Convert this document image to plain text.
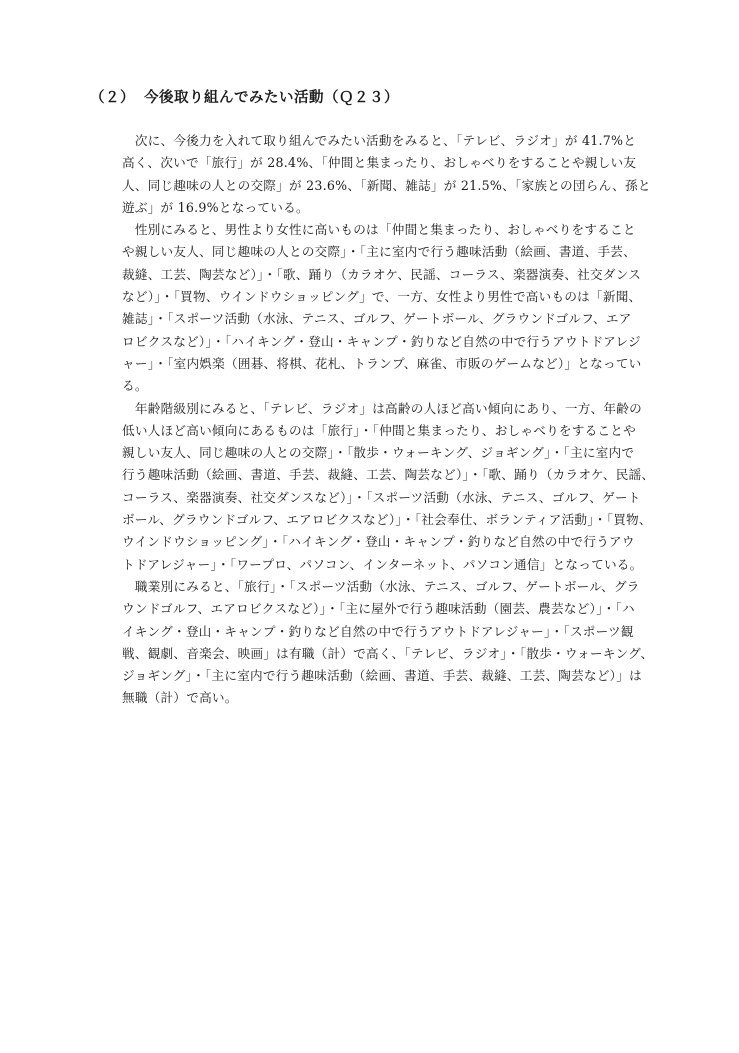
（２） 今後取り組んでみたい活動（Ｑ２３）
　次に、今後力を入れて取り組んでみたい活動をみると、「テレビ、ラジオ」が 41.7%と
高く、次いで「旅行」が 28.4%、「仲間と集まったり、おしゃべりをすることや親しい友
人、同じ趣味の人との交際」が 23.6%、「新聞、雑誌」が 21.5%、「家族との団らん、孫と
遊ぶ」が 16.9%となっている。
　性別にみると、男性より女性に高いものは「仲間と集まったり、おしゃべりをすること
や親しい友人、同じ趣味の人との交際」・「主に室内で行う趣味活動（絵画、書道、手芸、
裁縫、工芸、陶芸など）」・「歌、踊り（カラオケ、民謡、コーラス、楽器演奏、社交ダンス
など）」・「買物、ウインドウショッピング」で、一方、女性より男性で高いものは「新聞、
雑誌」・「スポーツ活動（水泳、テニス、ゴルフ、ゲートボール、グラウンドゴルフ、エア
ロビクスなど）」・「ハイキング・登山・キャンプ・釣りなど自然の中で行うアウトドアレジ
ャー」・「室内娯楽（囲碁、将棋、花札、トランプ、麻雀、市販のゲームなど）」となってい
る。
　年齢階級別にみると、「テレビ、ラジオ」は高齢の人ほど高い傾向にあり、一方、年齢の
低い人ほど高い傾向にあるものは「旅行」・「仲間と集まったり、おしゃべりをすることや
親しい友人、同じ趣味の人との交際」・「散歩・ウォーキング、ジョギング」・「主に室内で
行う趣味活動（絵画、書道、手芸、裁縫、工芸、陶芸など）」・「歌、踊り（カラオケ、民謡、
コーラス、楽器演奏、社交ダンスなど）」・「スポーツ活動（水泳、テニス、ゴルフ、ゲート
ボール、グラウンドゴルフ、エアロビクスなど）」・「社会奉仕、ボランティア活動」・「買物、
ウインドウショッピング」・「ハイキング・登山・キャンプ・釣りなど自然の中で行うアウ
トドアレジャー」・「ワープロ、パソコン、インターネット、パソコン通信」となっている。
　職業別にみると、「旅行」・「スポーツ活動（水泳、テニス、ゴルフ、ゲートボール、グラ
ウンドゴルフ、エアロビクスなど）」・「主に屋外で行う趣味活動（園芸、農芸など）」・「ハ
イキング・登山・キャンプ・釣りなど自然の中で行うアウトドアレジャー」・「スポーツ観
戦、観劇、音楽会、映画」は有職（計）で高く、「テレビ、ラジオ」・「散歩・ウォーキング、
ジョギング」・「主に室内で行う趣味活動（絵画、書道、手芸、裁縫、工芸、陶芸など）」は
無職（計）で高い。
